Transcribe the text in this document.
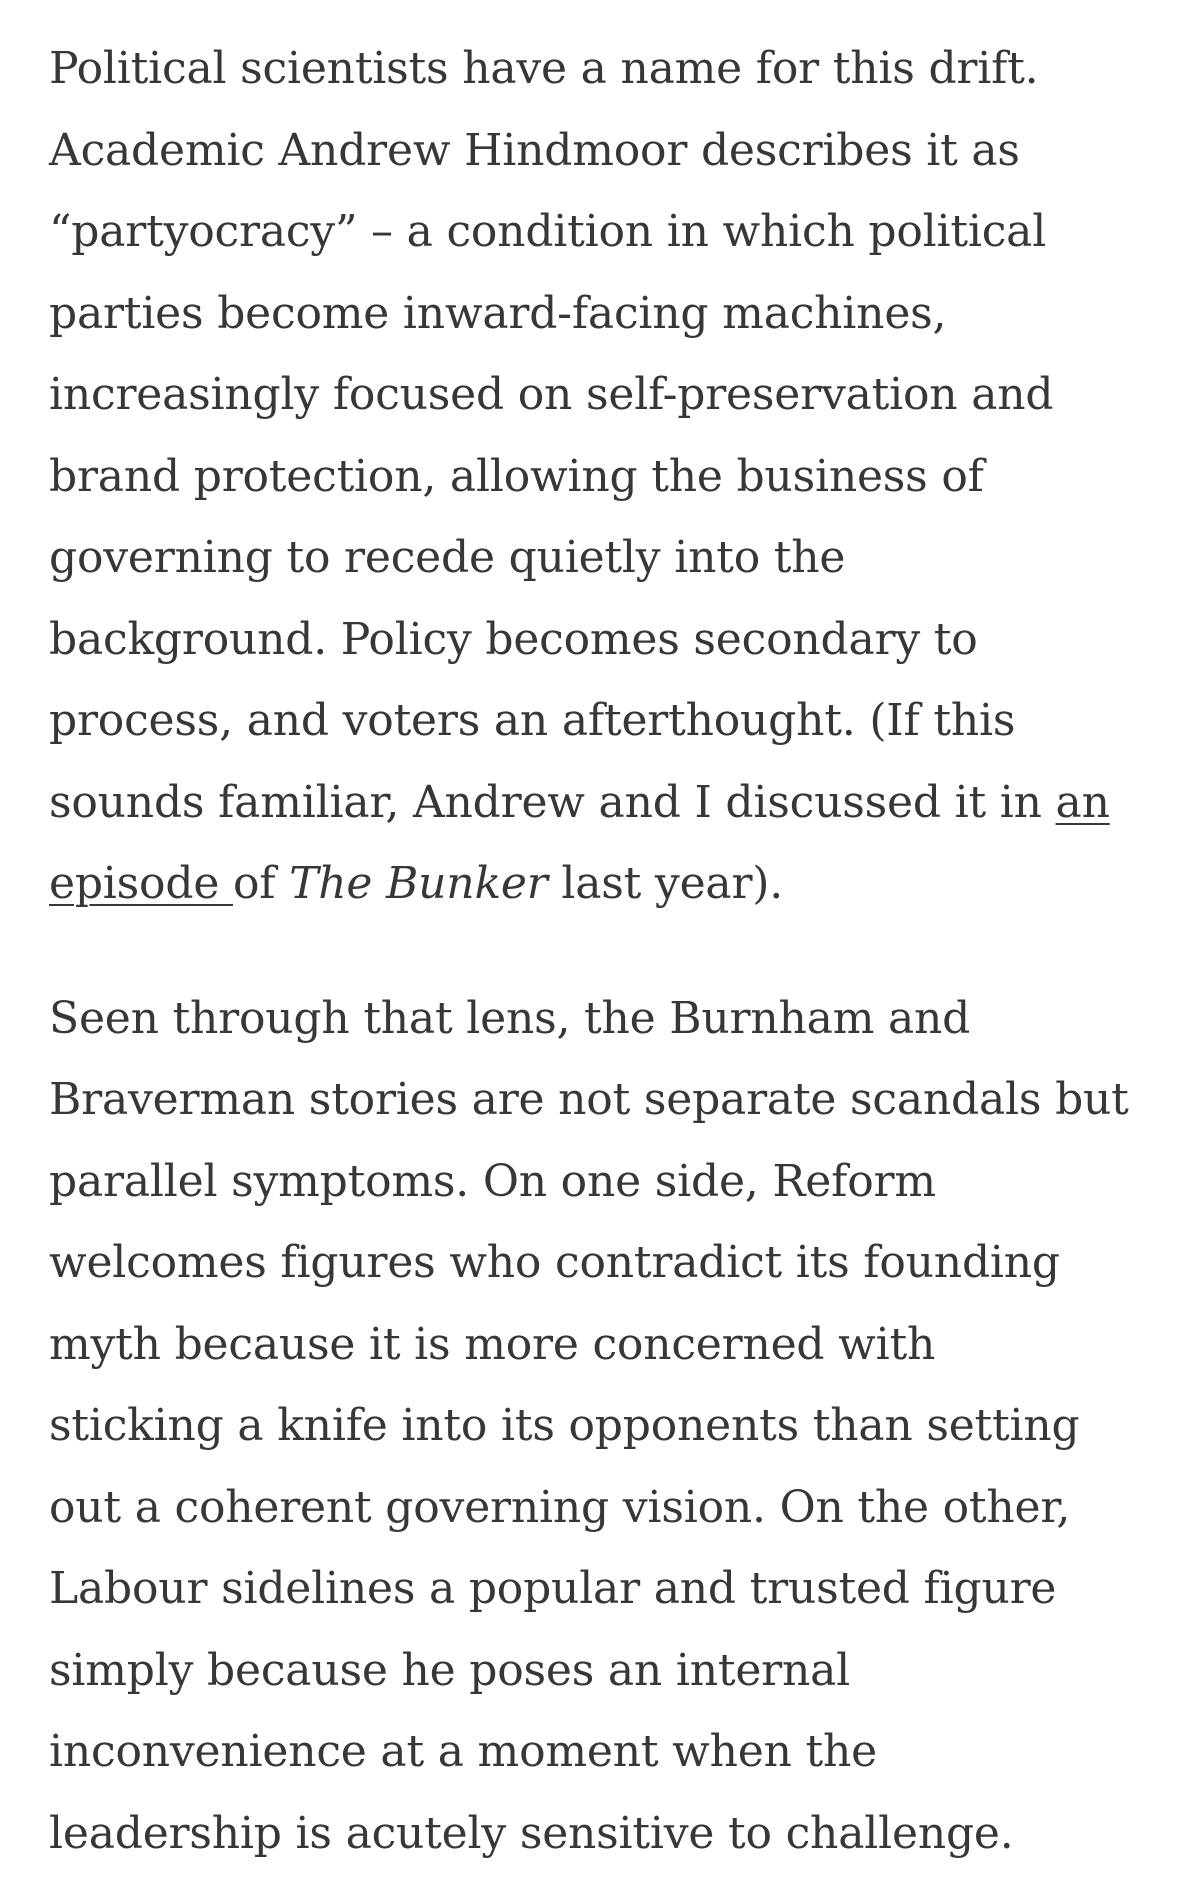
Political scientists have a name for this drift.
Academic Andrew Hindmoor describes it as
“partyocracy” – a condition in which political
parties become inward-facing machines,
increasingly focused on self-preservation and
brand protection, allowing the business of
governing to recede quietly into the
background. Policy becomes secondary to
process, and voters an afterthought. (If this
sounds familiar, Andrew and I discussed it in an
episode of The Bunker last year).

Seen through that lens, the Burnham and
Braverman stories are not separate scandals but
parallel symptoms. On one side, Reform
welcomes figures who contradict its founding
myth because it is more concerned with
sticking a knife into its opponents than setting
out a coherent governing vision. On the other,
Labour sidelines a popular and trusted figure
simply because he poses an internal
inconvenience at a moment when the
leadership is acutely sensitive to challenge.
